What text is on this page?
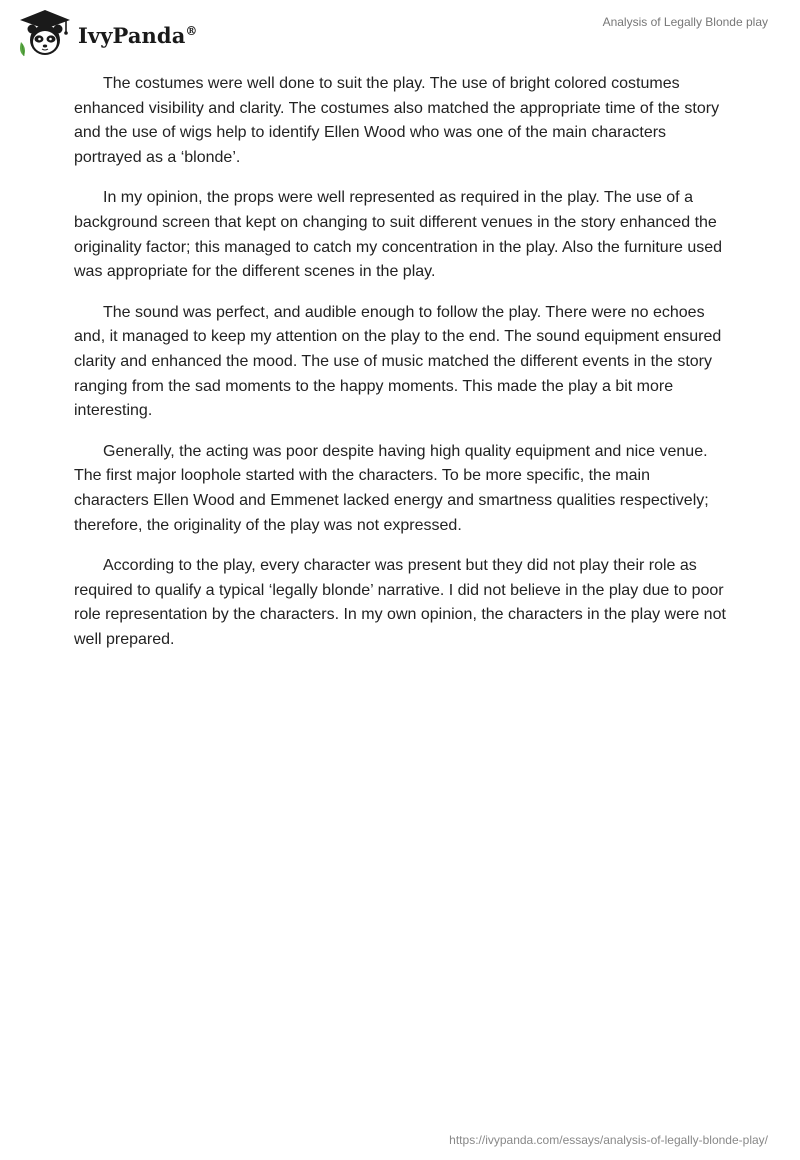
IvyPanda®
Analysis of Legally Blonde play

The costumes were well done to suit the play. The use of bright colored costumes enhanced visibility and clarity. The costumes also matched the appropriate time of the story and the use of wigs help to identify Ellen Wood who was one of the main characters portrayed as a ‘blonde’.

In my opinion, the props were well represented as required in the play. The use of a background screen that kept on changing to suit different venues in the story enhanced the originality factor; this managed to catch my concentration in the play. Also the furniture used was appropriate for the different scenes in the play.

The sound was perfect, and audible enough to follow the play. There were no echoes and, it managed to keep my attention on the play to the end. The sound equipment ensured clarity and enhanced the mood. The use of music matched the different events in the story ranging from the sad moments to the happy moments. This made the play a bit more interesting.

Generally, the acting was poor despite having high quality equipment and nice venue. The first major loophole started with the characters. To be more specific, the main characters Ellen Wood and Emmenet lacked energy and smartness qualities respectively; therefore, the originality of the play was not expressed.

According to the play, every character was present but they did not play their role as required to qualify a typical ‘legally blonde’ narrative. I did not believe in the play due to poor role representation by the characters. In my own opinion, the characters in the play were not well prepared.

https://ivypanda.com/essays/analysis-of-legally-blonde-play/
